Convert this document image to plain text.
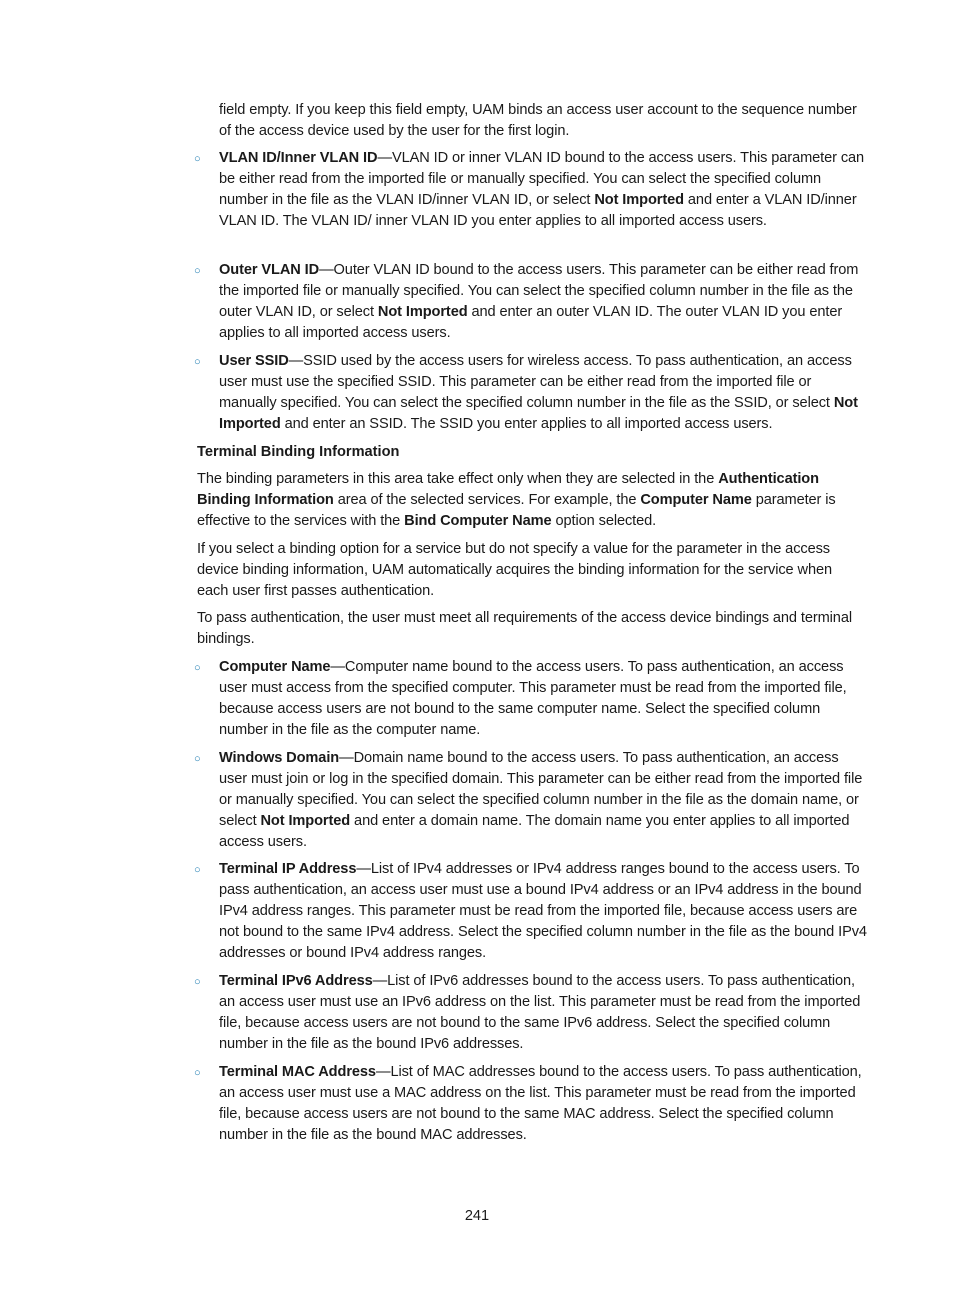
field empty. If you keep this field empty, UAM binds an access user account to the sequence number of the access device used by the user for the first login.
○ VLAN ID/Inner VLAN ID—VLAN ID or inner VLAN ID bound to the access users. This parameter can be either read from the imported file or manually specified. You can select the specified column number in the file as the VLAN ID/inner VLAN ID, or select Not Imported and enter a VLAN ID/inner VLAN ID. The VLAN ID/ inner VLAN ID you enter applies to all imported access users.
○ Outer VLAN ID—Outer VLAN ID bound to the access users. This parameter can be either read from the imported file or manually specified. You can select the specified column number in the file as the outer VLAN ID, or select Not Imported and enter an outer VLAN ID. The outer VLAN ID you enter applies to all imported access users.
○ User SSID—SSID used by the access users for wireless access. To pass authentication, an access user must use the specified SSID. This parameter can be either read from the imported file or manually specified. You can select the specified column number in the file as the SSID, or select Not Imported and enter an SSID. The SSID you enter applies to all imported access users.
Terminal Binding Information
The binding parameters in this area take effect only when they are selected in the Authentication Binding Information area of the selected services. For example, the Computer Name parameter is effective to the services with the Bind Computer Name option selected.
If you select a binding option for a service but do not specify a value for the parameter in the access device binding information, UAM automatically acquires the binding information for the service when each user first passes authentication.
To pass authentication, the user must meet all requirements of the access device bindings and terminal bindings.
○ Computer Name—Computer name bound to the access users. To pass authentication, an access user must access from the specified computer. This parameter must be read from the imported file, because access users are not bound to the same computer name. Select the specified column number in the file as the computer name.
○ Windows Domain—Domain name bound to the access users. To pass authentication, an access user must join or log in the specified domain. This parameter can be either read from the imported file or manually specified. You can select the specified column number in the file as the domain name, or select Not Imported and enter a domain name. The domain name you enter applies to all imported access users.
○ Terminal IP Address—List of IPv4 addresses or IPv4 address ranges bound to the access users. To pass authentication, an access user must use a bound IPv4 address or an IPv4 address in the bound IPv4 address ranges. This parameter must be read from the imported file, because access users are not bound to the same IPv4 address. Select the specified column number in the file as the bound IPv4 addresses or bound IPv4 address ranges.
○ Terminal IPv6 Address—List of IPv6 addresses bound to the access users. To pass authentication, an access user must use an IPv6 address on the list. This parameter must be read from the imported file, because access users are not bound to the same IPv6 address. Select the specified column number in the file as the bound IPv6 addresses.
○ Terminal MAC Address—List of MAC addresses bound to the access users. To pass authentication, an access user must use a MAC address on the list. This parameter must be read from the imported file, because access users are not bound to the same MAC address. Select the specified column number in the file as the bound MAC addresses.
241
